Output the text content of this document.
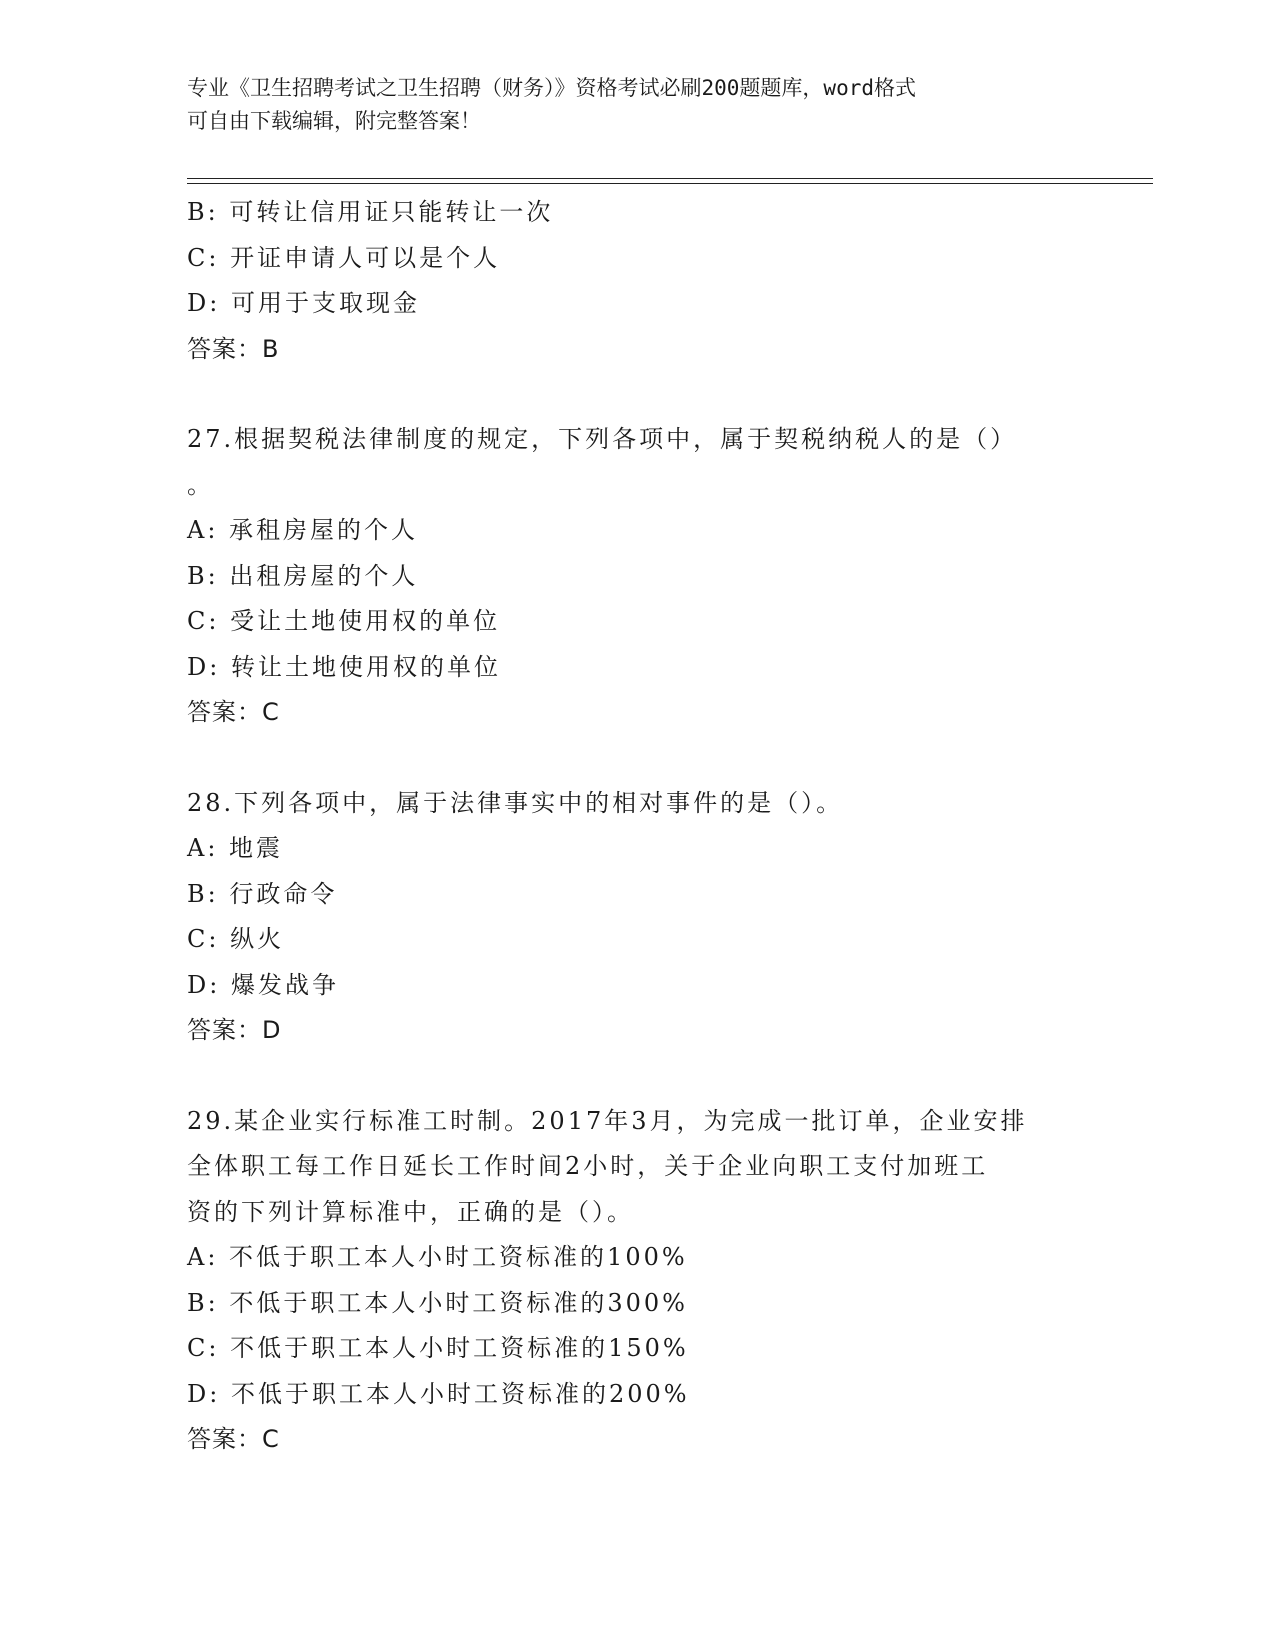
专业《卫生招聘考试之卫生招聘（财务）》资格考试必刷200题题库，word格式
可自由下载编辑，附完整答案！
B: 可转让信用证只能转让一次
C: 开证申请人可以是个人
D: 可用于支取现金
答案：B
27.根据契税法律制度的规定，下列各项中，属于契税纳税人的是（）
。
A: 承租房屋的个人
B: 出租房屋的个人
C: 受让土地使用权的单位
D: 转让土地使用权的单位
答案：C
28.下列各项中，属于法律事实中的相对事件的是（）。
A: 地震
B: 行政命令
C: 纵火
D: 爆发战争
答案：D
29.某企业实行标准工时制。2017年3月，为完成一批订单，企业安排
全体职工每工作日延长工作时间2小时，关于企业向职工支付加班工
资的下列计算标准中，正确的是（）。
A: 不低于职工本人小时工资标准的100%
B: 不低于职工本人小时工资标准的300%
C: 不低于职工本人小时工资标准的150%
D: 不低于职工本人小时工资标准的200%
答案：C
